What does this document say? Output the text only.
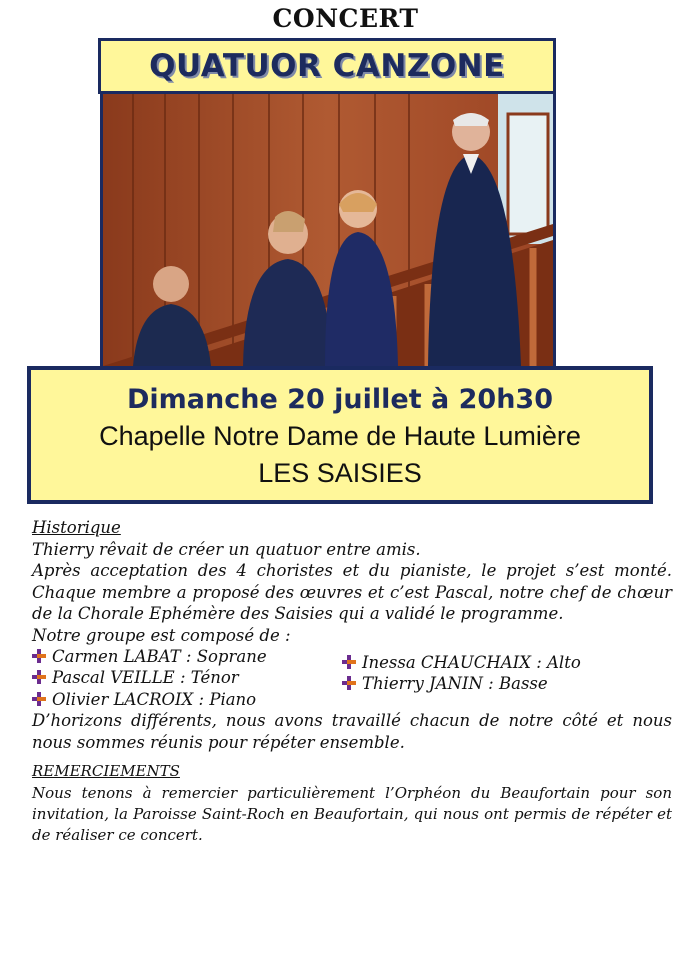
CONCERT
QUATUOR CANZONE
Dimanche 20 juillet à 20h30
Chapelle Notre Dame de Haute Lumière
LES SAISIES
Historique
Thierry rêvait de créer un quatuor entre amis.
Après acceptation des 4 choristes et du pianiste, le projet s’est monté. Chaque membre a proposé des œuvres et c’est Pascal, notre chef de chœur de la Chorale Ephémère des Saisies qui a validé le programme.
Notre groupe est composé de :
Carmen LABAT : Soprane	Inessa CHAUCHAIX : Alto
Pascal VEILLE : Ténor	Thierry JANIN : Basse
Olivier LACROIX : Piano
D’horizons différents, nous avons travaillé chacun de notre côté et nous nous sommes réunis pour répéter ensemble.
REMERCIEMENTS
Nous tenons à remercier particulièrement l’Orphéon du Beaufortain pour son invitation, la Paroisse Saint-Roch en Beaufortain, qui nous ont permis de répéter et de réaliser ce concert.
